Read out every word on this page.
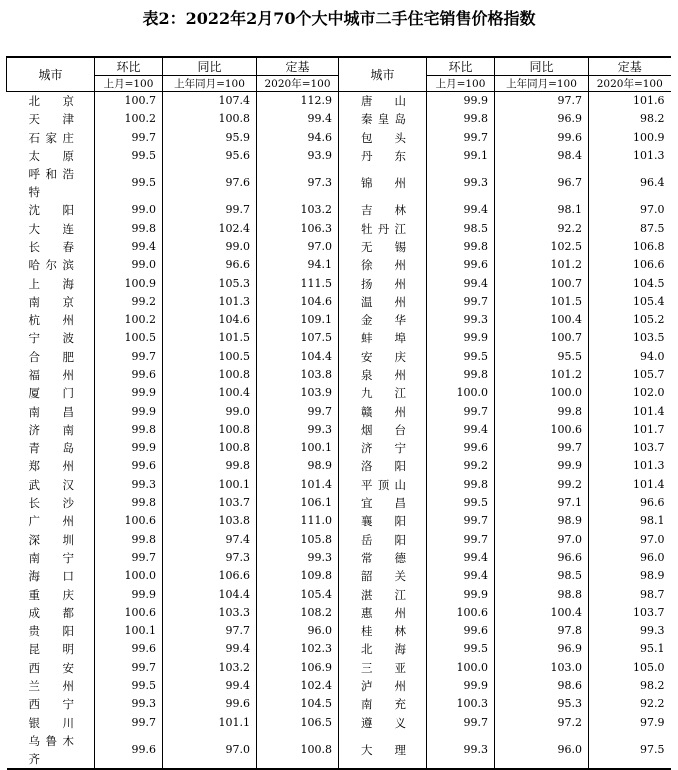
表2：2022年2月70个大中城市二手住宅销售价格指数
城市	环比	同比	定基	城市	环比	同比	定基
	上月=100	上年同月=100	2020年=100		上月=100	上年同月=100	2020年=100
北　京	100.7	107.4	112.9	唐　山	99.9	97.7	101.6
天　津	100.2	100.8	99.4	秦皇岛	99.8	96.9	98.2
石家庄	99.7	95.9	94.6	包　头	99.7	99.6	100.9
太　原	99.5	95.6	93.9	丹　东	99.1	98.4	101.3
呼和浩特	99.5	97.6	97.3	锦　州	99.3	96.7	96.4
沈　阳	99.0	99.7	103.2	吉　林	99.4	98.1	97.0
大　连	99.8	102.4	106.3	牡丹江	98.5	92.2	87.5
长　春	99.4	99.0	97.0	无　锡	99.8	102.5	106.8
哈尔滨	99.0	96.6	94.1	徐　州	99.6	101.2	106.6
上　海	100.9	105.3	111.5	扬　州	99.4	100.7	104.5
南　京	99.2	101.3	104.6	温　州	99.7	101.5	105.4
杭　州	100.2	104.6	109.1	金　华	99.3	100.4	105.2
宁　波	100.5	101.5	107.5	蚌　埠	99.9	100.7	103.5
合　肥	99.7	100.5	104.4	安　庆	99.5	95.5	94.0
福　州	99.6	100.8	103.8	泉　州	99.8	101.2	105.7
厦　门	99.9	100.4	103.9	九　江	100.0	100.0	102.0
南　昌	99.9	99.0	99.7	赣　州	99.7	99.8	101.4
济　南	99.8	100.8	99.3	烟　台	99.4	100.6	101.7
青　岛	99.9	100.8	100.1	济　宁	99.6	99.7	103.7
郑　州	99.6	99.8	98.9	洛　阳	99.2	99.9	101.3
武　汉	99.3	100.1	101.4	平顶山	99.8	99.2	101.4
长　沙	99.8	103.7	106.1	宜　昌	99.5	97.1	96.6
广　州	100.6	103.8	111.0	襄　阳	99.7	98.9	98.1
深　圳	99.8	97.4	105.8	岳　阳	99.7	97.0	97.0
南　宁	99.7	97.3	99.3	常　德	99.4	96.6	96.0
海　口	100.0	106.6	109.8	韶　关	99.4	98.5	98.9
重　庆	99.9	104.4	105.4	湛　江	99.9	98.8	98.7
成　都	100.6	103.3	108.2	惠　州	100.6	100.4	103.7
贵　阳	100.1	97.7	96.0	桂　林	99.6	97.8	99.3
昆　明	99.6	99.4	102.3	北　海	99.5	96.9	95.1
西　安	99.7	103.2	106.9	三　亚	100.0	103.0	105.0
兰　州	99.5	99.4	102.4	泸　州	99.9	98.6	98.2
西　宁	99.3	99.6	104.5	南　充	100.3	95.3	92.2
银　川	99.7	101.1	106.5	遵　义	99.7	97.2	97.9
乌鲁木齐	99.6	97.0	100.8	大　理	99.3	96.0	97.5
